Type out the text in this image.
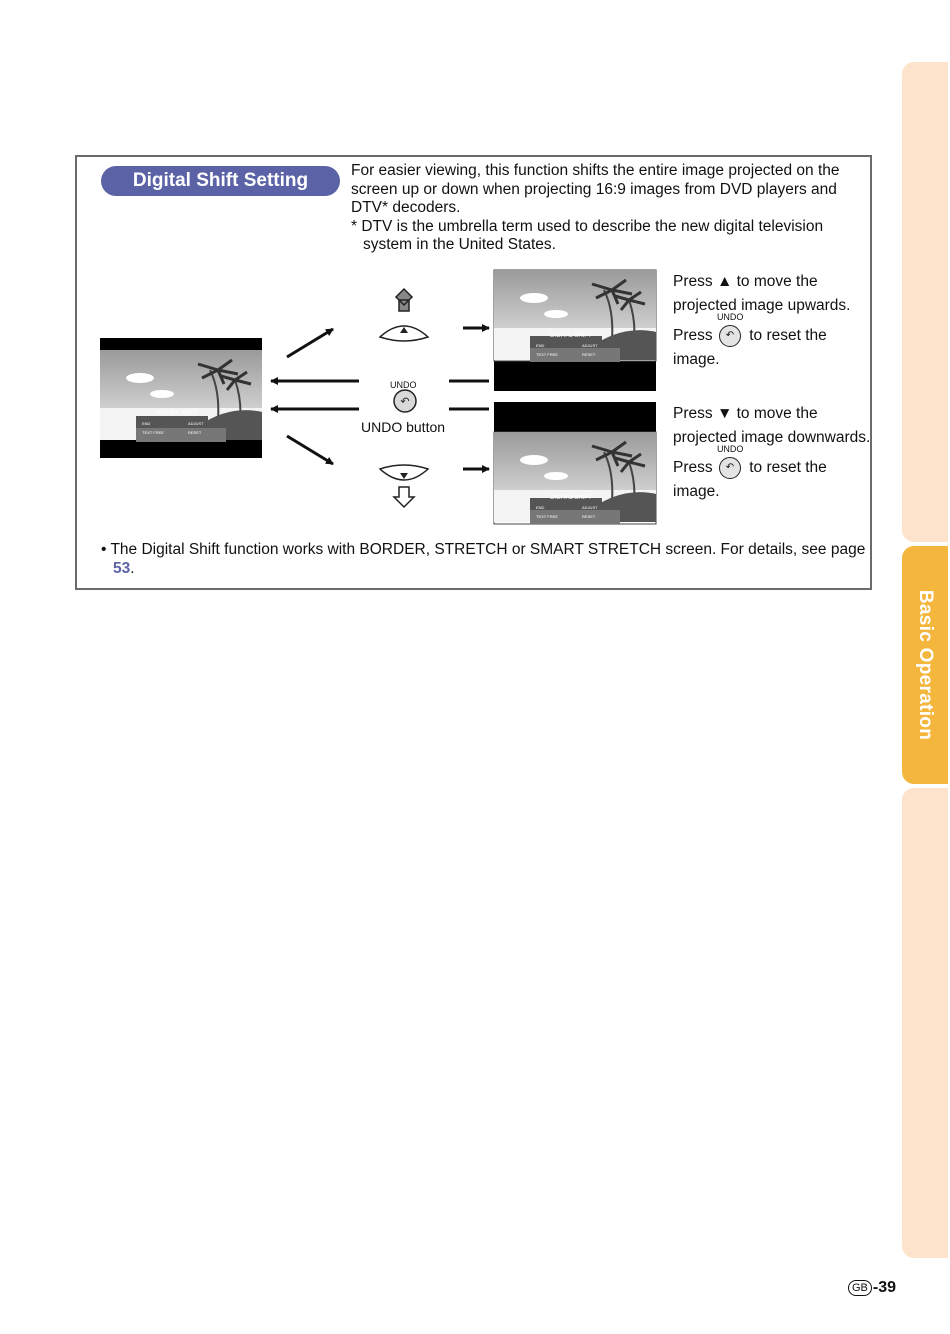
Basic Operation
Digital Shift Setting	For easier viewing, this function shifts the entire image projected on the screen up or down when projecting 16:9 images from DVD players and DTV* decoders.
* DTV is the umbrella term used to describe the new digital television system in the United States.
Press ▲ to move the projected image upwards.
Press
UNDO
↶ to reset the image.
Press ▼ to move the projected image downwards.
Press
UNDO
↶ to reset the image.
DIGITAL SHIFT
END	ADJUST
TEXT FREE	RESET
DIGITAL SHIFT
END	ADJUST
TEXT FREE	RESET
DIGITAL SHIFT
END	ADJUST
TEXT FREE	RESET
↶
UNDO
UNDO button
• The Digital Shift function works with BORDER, STRETCH or SMART STRETCH screen. For details, see page 53.
GB -39
